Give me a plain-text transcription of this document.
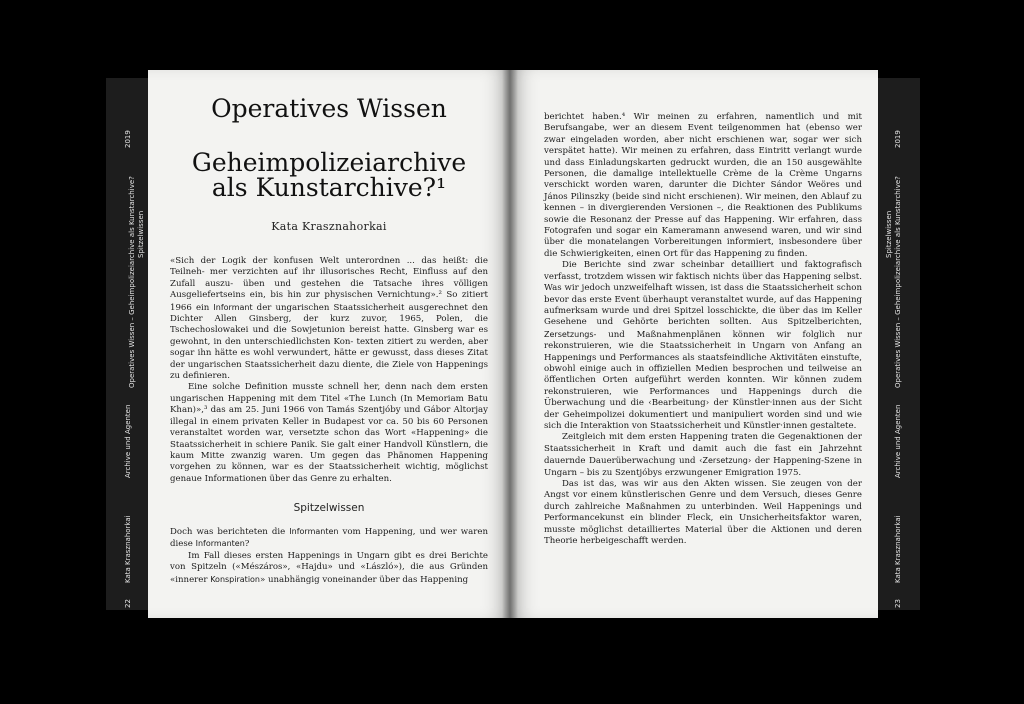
2019
Operatives Wissen – Geheimpolizeiarchive als Kunstarchive? Spitzelwissen
Archive und Agenten
Kata Krasznahorkai
22
Operatives Wissen
Geheimpolizeiarchive
als Kunstarchive?¹
Kata Krasznahorkai

«Sich der Logik der konfusen Welt unterordnen ... das heißt: die Teilneh- mer verzichten auf ihr illusorisches Recht, Einfluss auf den Zufall auszu- üben und gestehen die Tatsache ihres völligen Ausgeliefertseins ein, bis hin zur physischen Vernichtung».² So zitiert 1966 ein Informant der ungarischen Staatssicherheit ausgerechnet den Dichter Allen Ginsberg, der kurz zuvor, 1965, Polen, die Tschechoslowakei und die Sowjetunion bereist hatte. Ginsberg war es gewohnt, in den unterschiedlichsten Kon- texten zitiert zu werden, aber sogar ihn hätte es wohl verwundert, hätte er gewusst, dass dieses Zitat der ungarischen Staatssicherheit dazu diente, die Ziele von Happenings zu definieren.

Eine solche Definition musste schnell her, denn nach dem ersten ungarischen Happening mit dem Titel «The Lunch (In Memoriam Batu Khan)»,³ das am 25. Juni 1966 von Tamás Szentjóby und Gábor Altorjay illegal in einem privaten Keller in Budapest vor ca. 50 bis 60 Personen veranstaltet worden war, versetzte schon das Wort «Happening» die Staatssicherheit in schiere Panik. Sie galt einer Handvoll Künstlern, die kaum Mitte zwanzig waren. Um gegen das Phänomen Happening vorgehen zu können, war es der Staatssicherheit wichtig, möglichst genaue Informationen über das Genre zu erhalten.

Spitzelwissen

Doch was berichteten die Informanten vom Happening, und wer waren diese Informanten?

Im Fall dieses ersten Happenings in Ungarn gibt es drei Berichte von Spitzeln («Mészáros», «Hajdu» und «László»), die aus Gründen «innerer Konspiration» unabhängig voneinander über das Happening

berichtet haben.⁴ Wir meinen zu erfahren, namentlich und mit Berufsangabe, wer an diesem Event teilgenommen hat (ebenso wer zwar eingeladen worden, aber nicht erschienen war, sogar wer sich verspätet hatte). Wir meinen zu erfahren, dass Eintritt verlangt wurde und dass Einladungskarten gedruckt wurden, die an 150 ausgewählte Personen, die damalige intellektuelle Crème de la Crème Ungarns verschickt worden waren, darunter die Dichter Sándor Weöres und János Pilinszky (beide sind nicht erschienen). Wir meinen, den Ablauf zu kennen – in divergierenden Versionen –, die Reaktionen des Publikums sowie die Resonanz der Presse auf das Happening. Wir erfahren, dass Fotografen und sogar ein Kameramann anwesend waren, und wir sind über die monatelangen Vorbereitungen informiert, insbesondere über die Schwierigkeiten, einen Ort für das Happening zu finden.

Die Berichte sind zwar scheinbar detailliert und faktografisch verfasst, trotzdem wissen wir faktisch nichts über das Happening selbst. Was wir jedoch unzweifelhaft wissen, ist dass die Staatssicherheit schon bevor das erste Event überhaupt veranstaltet wurde, auf das Happening aufmerksam wurde und drei Spitzel losschickte, die über das im Keller Gesehene und Gehörte berichten sollten. Aus Spitzelberichten, Zersetzungs- und Maßnahmenplänen können wir folglich nur rekonstruieren, wie die Staatssicherheit in Ungarn von Anfang an Happenings und Performances als staatsfeindliche Aktivitäten einstufte, obwohl einige auch in offiziellen Medien besprochen und teilweise an öffentlichen Orten aufgeführt werden konnten. Wir können zudem rekonstruieren, wie Performances und Happenings durch die Überwachung und die ‹Bearbeitung› der Künstler·innen aus der Sicht der Geheimpolizei dokumentiert und manipuliert worden sind und wie sich die Interaktion von Staatssicherheit und Künstler·innen gestaltete.

Zeitgleich mit dem ersten Happening traten die Gegenaktionen der Staatssicherheit in Kraft und damit auch die fast ein Jahrzehnt dauernde Dauerüberwachung und ‹Zersetzung› der Happening-Szene in Ungarn – bis zu Szentjóbys erzwungener Emigration 1975.

Das ist das, was wir aus den Akten wissen. Sie zeugen von der Angst vor einem künstlerischen Genre und dem Versuch, dieses Genre durch zahlreiche Maßnahmen zu unterbinden. Weil Happenings und Performancekunst ein blinder Fleck, ein Unsicherheitsfaktor waren, musste möglichst detailliertes Material über die Aktionen und deren Theorie herbeigeschafft werden.

2019
Operatives Wissen – Geheimpolizeiarchive als Kunstarchive?
Spitzelwissen
Archive und Agenten
Kata Krasznahorkai
23
